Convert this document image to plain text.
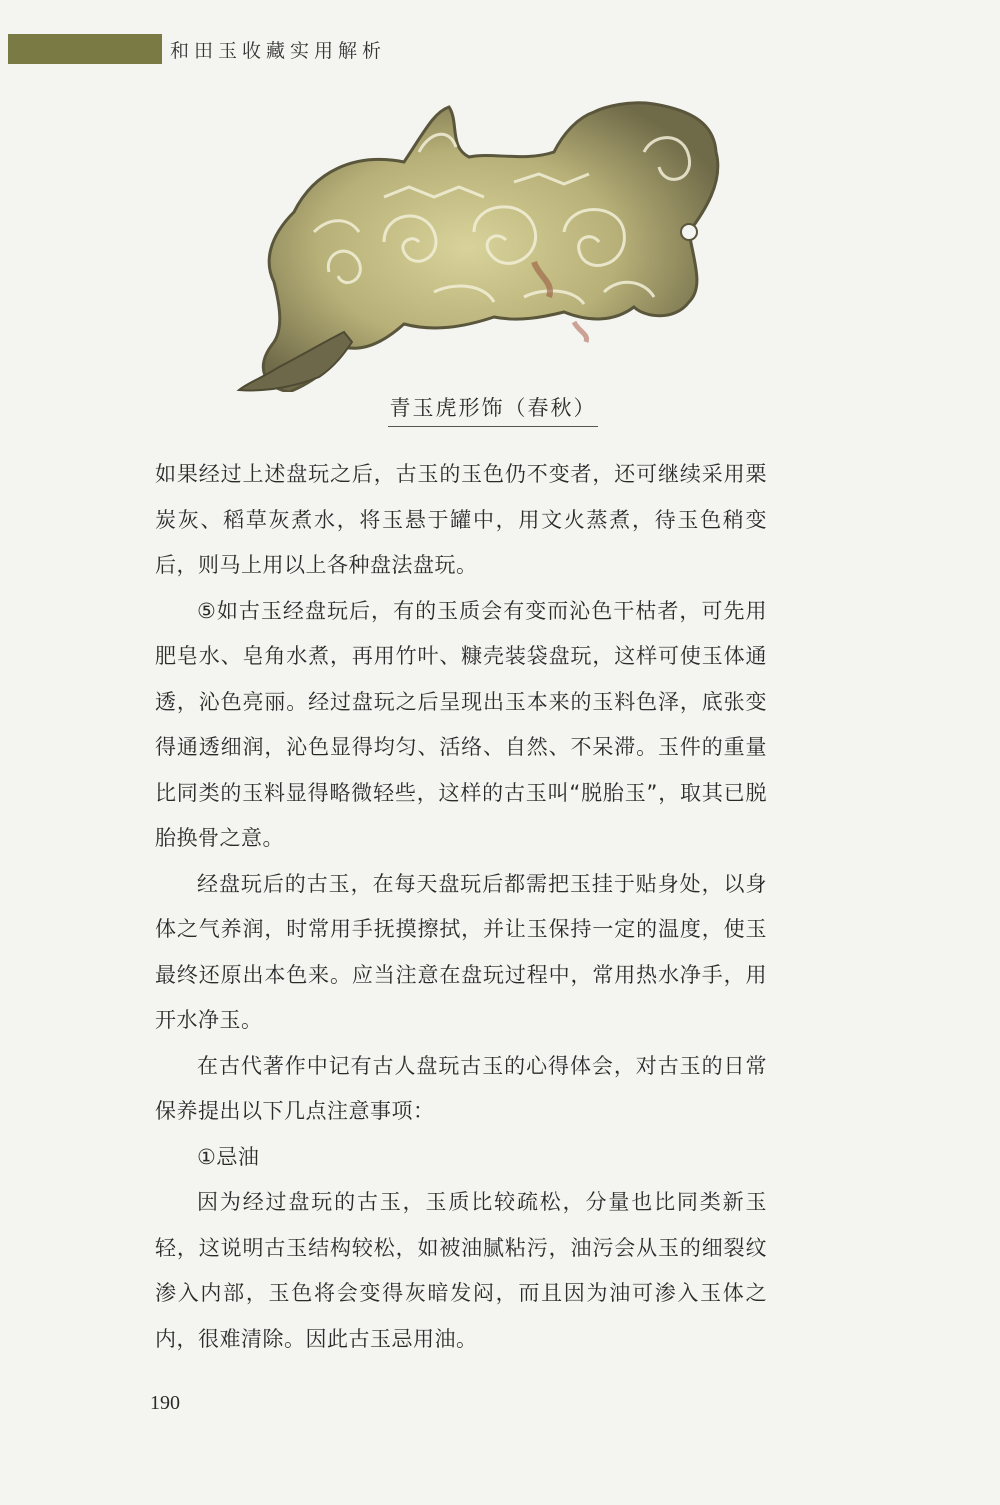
和田玉收藏实用解析
青玉虎形饰（春秋）

如果经过上述盘玩之后，古玉的玉色仍不变者，还可继续采用栗炭灰、稻草灰煮水，将玉悬于罐中，用文火蒸煮，待玉色稍变后，则马上用以上各种盘法盘玩。

⑤如古玉经盘玩后，有的玉质会有变而沁色干枯者，可先用肥皂水、皂角水煮，再用竹叶、糠壳装袋盘玩，这样可使玉体通透，沁色亮丽。经过盘玩之后呈现出玉本来的玉料色泽，底张变得通透细润，沁色显得均匀、活络、自然、不呆滞。玉件的重量比同类的玉料显得略微轻些，这样的古玉叫“脱胎玉”，取其已脱胎换骨之意。

经盘玩后的古玉，在每天盘玩后都需把玉挂于贴身处，以身体之气养润，时常用手抚摸擦拭，并让玉保持一定的温度，使玉最终还原出本色来。应当注意在盘玩过程中，常用热水净手，用开水净玉。

在古代著作中记有古人盘玩古玉的心得体会，对古玉的日常保养提出以下几点注意事项：

①忌油

因为经过盘玩的古玉，玉质比较疏松，分量也比同类新玉轻，这说明古玉结构较松，如被油腻粘污，油污会从玉的细裂纹渗入内部，玉色将会变得灰暗发闷，而且因为油可渗入玉体之内，很难清除。因此古玉忌用油。

190
